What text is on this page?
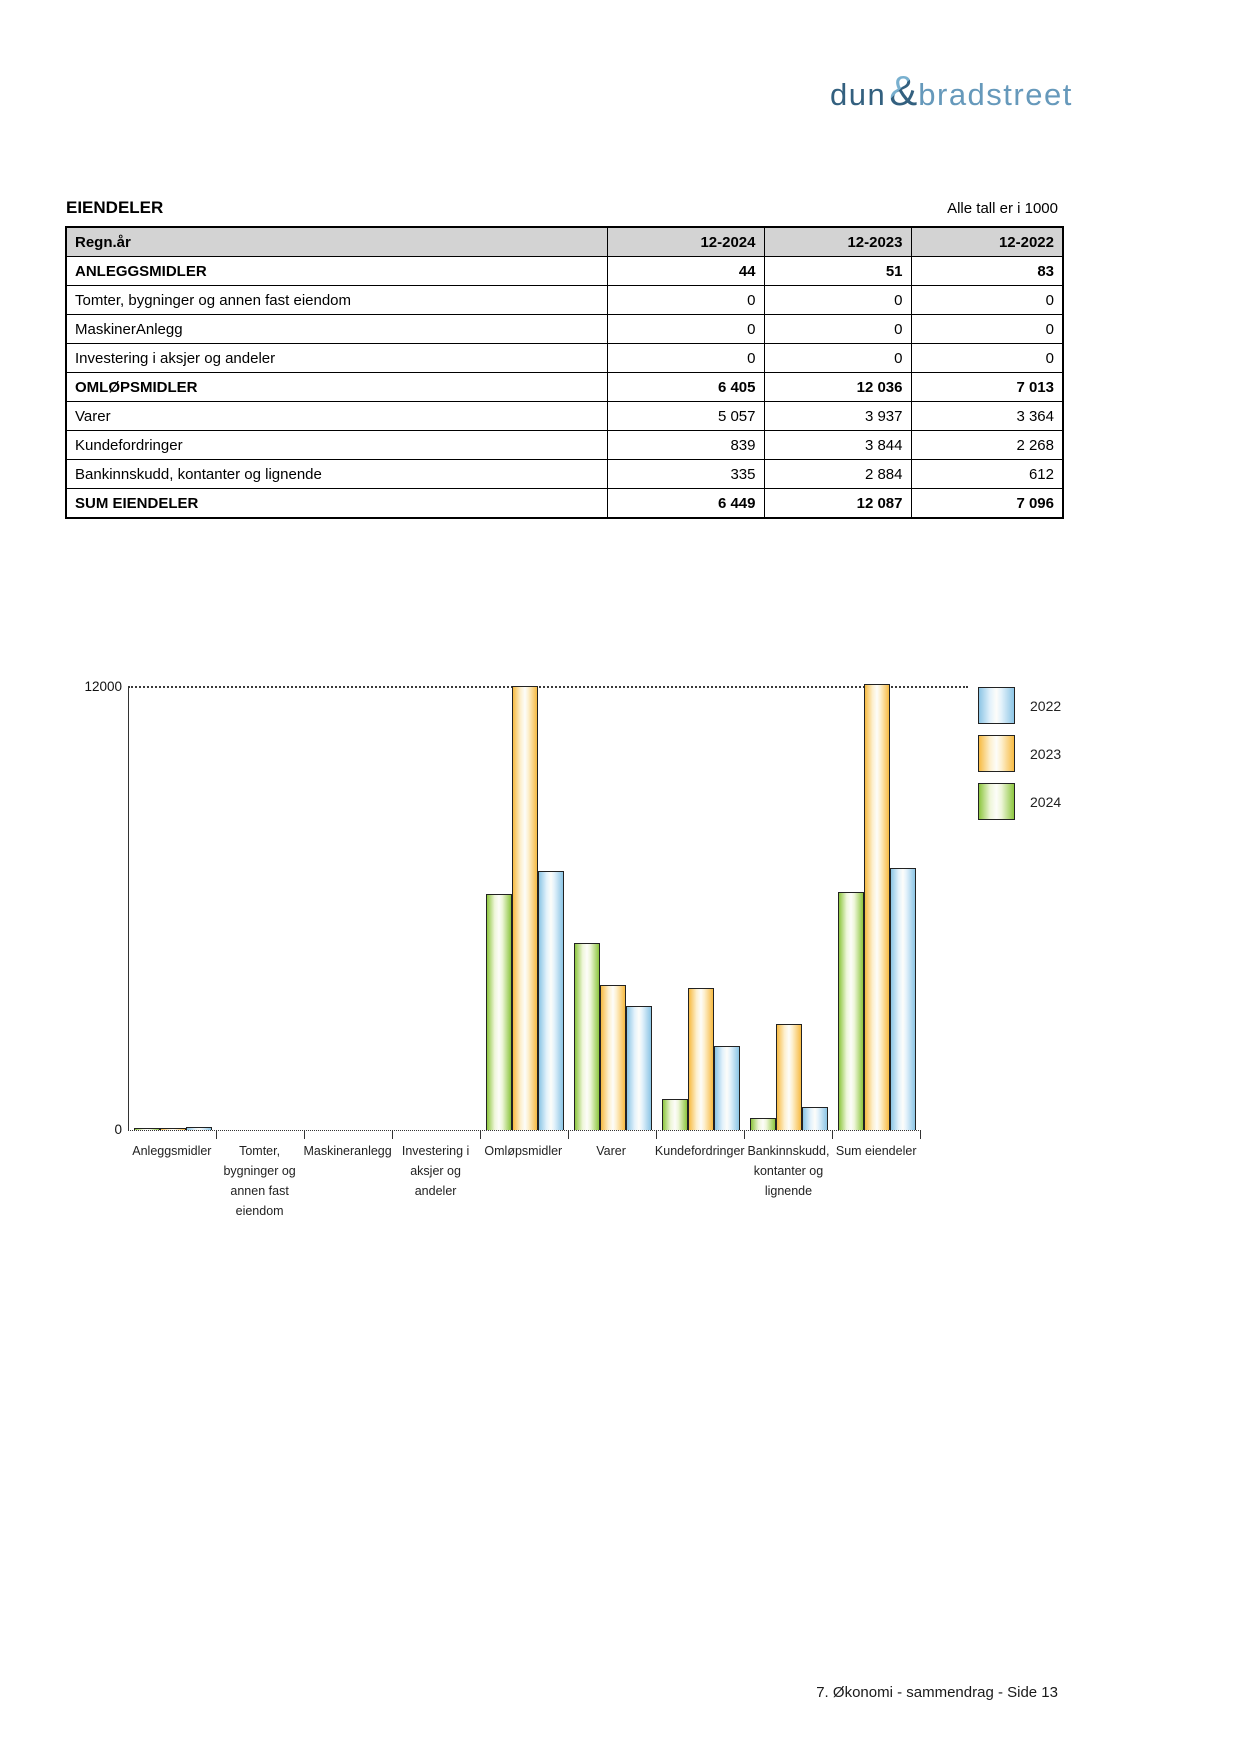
dun & bradstreet
EIENDELER	Alle tall er i 1000
Regn.år	12-2024	12-2023	12-2022
ANLEGGSMIDLER	44	51	83
Tomter, bygninger og annen fast eiendom	0	0	0
MaskinerAnlegg	0	0	0
Investering i aksjer og andeler	0	0	0
OMLØPSMIDLER	6 405	12 036	7 013
Varer	5 057	3 937	3 364
Kundefordringer	839	3 844	2 268
Bankinnskudd, kontanter og lignende	335	2 884	612
SUM EIENDELER	6 449	12 087	7 096
12000
0
Anleggsmidler	Tomter,
bygninger og
annen fast
eiendom
Maskineranlegg Investering i
aksjer og
andeler
Omløpsmidler	Varer	Kundefordringer Bankinnskudd,
kontanter og
lignende
Sum eiendeler
2022
2023
2024
7. Økonomi - sammendrag - Side 13
